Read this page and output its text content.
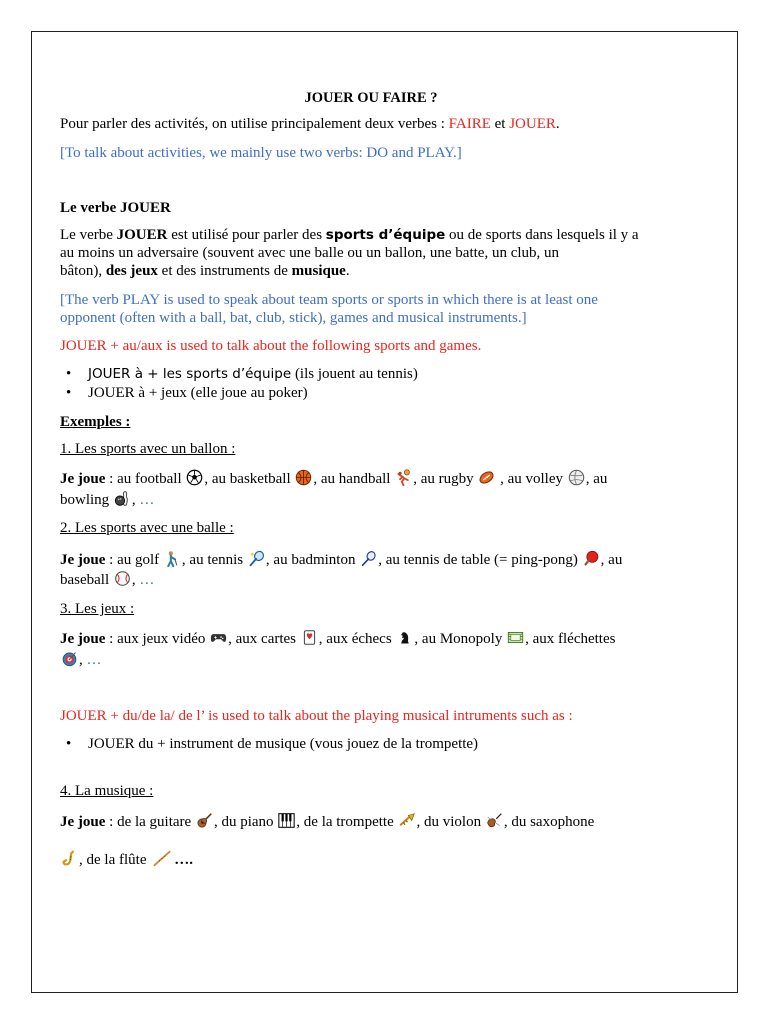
JOUER OU FAIRE ?
Pour parler des activités, on utilise principalement deux verbes : FAIRE et JOUER.
[To talk about activities, we mainly use two verbs: DO and PLAY.]
Le verbe JOUER
Le verbe JOUER est utilisé pour parler des sports d’équipe ou de sports dans lesquels il y a
au moins un adversaire (souvent avec une balle ou un ballon, une batte, un club, un
bâton), des jeux et des instruments de musique.
[The verb PLAY is used to speak about team sports or sports in which there is at least one
opponent (often with a ball, bat, club, stick), games and musical instruments.]
JOUER + au/aux is used to talk about the following sports and games.
• JOUER à + les sports d’équipe (ils jouent au tennis)
• JOUER à + jeux (elle joue au poker)
Exemples :
1. Les sports avec un ballon :
Je joue : au football
, au basketball
, au handball
, au rugby
, au volley
, au
bowling
, …
2. Les sports avec une balle :
Je joue : au golf
, au tennis
, au badminton
, au tennis de table (= ping-pong)
, au
baseball
, …
3. Les jeux :
Je joue : aux jeux vidéo
, aux cartes
, aux échecs
, au Monopoly
, aux fléchettes
, …
JOUER + du/de la/ de l’ is used to talk about the playing musical intruments such as :
• JOUER du + instrument de musique (vous jouez de la trompette)
4. La musique :
Je joue : de la guitare
, du piano
, de la trompette
, du violon
, du saxophone
, de la flûte
….
